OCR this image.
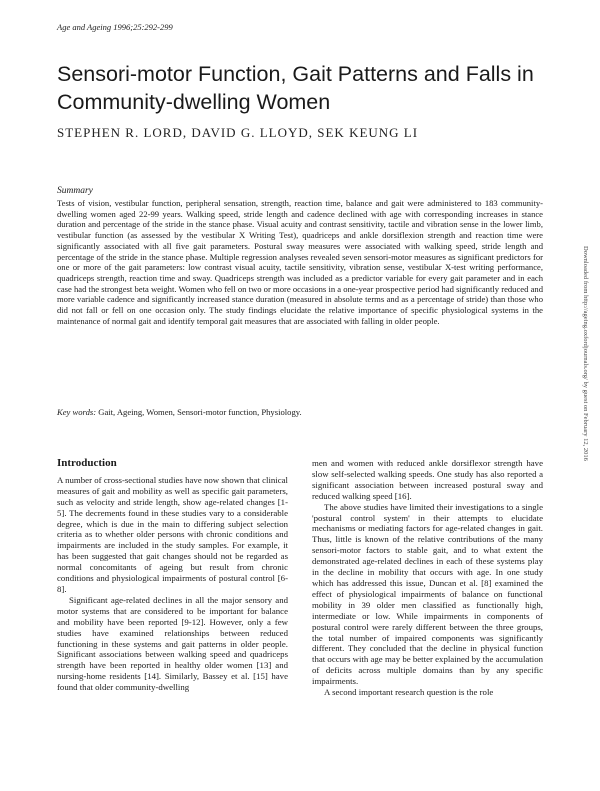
Age and Ageing 1996;25:292-299
Sensori-motor Function, Gait Patterns and Falls in Community-dwelling Women
STEPHEN R. LORD, DAVID G. LLOYD, SEK KEUNG LI
Summary

Tests of vision, vestibular function, peripheral sensation, strength, reaction time, balance and gait were administered to 183 community-dwelling women aged 22-99 years. Walking speed, stride length and cadence declined with age with corresponding increases in stance duration and percentage of the stride in the stance phase. Visual acuity and contrast sensitivity, tactile and vibration sense in the lower limb, vestibular function (as assessed by the vestibular X Writing Test), quadriceps and ankle dorsiflexion strength and reaction time were significantly associated with all five gait parameters. Postural sway measures were associated with walking speed, stride length and percentage of the stride in the stance phase. Multiple regression analyses revealed seven sensori-motor measures as significant predictors for one or more of the gait parameters: low contrast visual acuity, tactile sensitivity, vibration sense, vestibular X-test writing performance, quadriceps strength, reaction time and sway. Quadriceps strength was included as a predictor variable for every gait parameter and in each case had the strongest beta weight. Women who fell on two or more occasions in a one-year prospective period had significantly reduced and more variable cadence and significantly increased stance duration (measured in absolute terms and as a percentage of stride) than those who did not fall or fell on one occasion only. The study findings elucidate the relative importance of specific physiological systems in the maintenance of normal gait and identify temporal gait measures that are associated with falling in older people.

Key words: Gait, Ageing, Women, Sensori-motor function, Physiology.	Downloaded from http://ageing.oxfordjournals.org/ by guest on February 12, 2016
Introduction

A number of cross-sectional studies have now shown that clinical measures of gait and mobility as well as specific gait parameters, such as velocity and stride length, show age-related changes [1-5]. The decrements found in these studies vary to a considerable degree, which is due in the main to differing subject selection criteria as to whether older persons with chronic conditions and impairments are included in the study samples. For example, it has been suggested that gait changes should not be regarded as normal concomitants of ageing but result from chronic conditions and physiological impairments of postural control [6-8].

Significant age-related declines in all the major sensory and motor systems that are considered to be important for balance and mobility have been reported [9-12]. However, only a few studies have examined relationships between reduced functioning in these systems and gait patterns in older people. Significant associations between walking speed and quadriceps strength have been reported in healthy older women [13] and nursing-home residents [14]. Similarly, Bassey et al. [15] have found that older community-dwelling

men and women with reduced ankle dorsiflexor strength have slow self-selected walking speeds. One study has also reported a significant association between increased postural sway and reduced walking speed [16].

The above studies have limited their investigations to a single 'postural control system' in their attempts to elucidate mechanisms or mediating factors for age-related changes in gait. Thus, little is known of the relative contributions of the many sensori-motor factors to stable gait, and to what extent the demonstrated age-related declines in each of these systems play in the decline in mobility that occurs with age. In one study which has addressed this issue, Duncan et al. [8] examined the effect of physiological impairments of balance on functional mobility in 39 older men classified as functionally high, intermediate or low. While impairments in components of postural control were rarely different between the three groups, the total number of impaired components was significantly different. They concluded that the decline in physical function that occurs with age may be better explained by the accumulation of deficits across multiple domains than by any specific impairments.

A second important research question is the role
